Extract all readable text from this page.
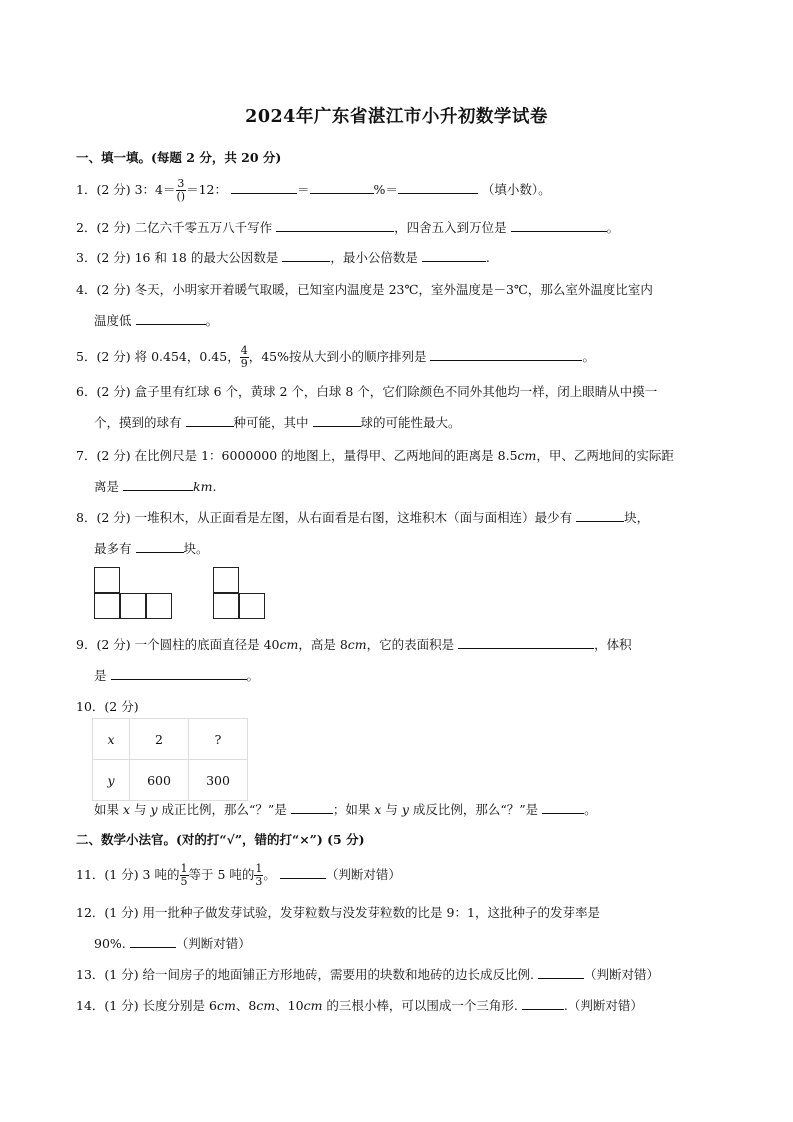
2024年广东省湛江市小升初数学试卷
一、填一填。(每题 2 分，共 20 分)
1．(2 分) 3：$4= \frac{3}{()} =12$：	＝	%＝	（填小数）。
2．(2 分) 二亿六千零五万八千写作	，四舍五入到万位是	。
3．(2 分) 16 和 18 的最大公因数是	，最小公倍数是	.
4．(2 分) 冬天，小明家开着暖气取暖，已知室内温度是 23℃，室外温度是－3℃，那么室外温度比室内
温度低	。
5．(2 分) 将 0.454，0.45， $\frac{4}{9}$ ，45%按从大到小的顺序排列是	。
6．(2 分) 盒子里有红球 6 个，黄球 2 个，白球 8 个，它们除颜色不同外其他均一样，闭上眼睛从中摸一
个，摸到的球有	种可能，其中	球的可能性最大。
7．(2 分) 在比例尺是 1：6000000 的地图上，量得甲、乙两地间的距离是 8.5cm，甲、乙两地间的实际距
离是	km.
8．(2 分) 一堆积木，从正面看是左图，从右面看是右图，这堆积木（面与面相连）最少有	块，
最多有	块。
9．(2 分) 一个圆柱的底面直径是 40cm，高是 8cm，它的表面积是	，体积
是	。
10．(2 分)
x	2	?
y	600	300
如果 x 与 y 成正比例，那么“？”是	；如果 x 与 y 成反比例，那么“？”是	。
二、数学小法官。(对的打“√”，错的打“×”) (5 分)
11．(1 分) 3 吨的 $\frac{1}{5}$ 等于 5 吨的 $\frac{1}{3}$ 。	（判断对错）
12．(1 分) 用一批种子做发芽试验，发芽粒数与没发芽粒数的比是 9：1，这批种子的发芽率是
90%.	（判断对错）
13．(1 分) 给一间房子的地面铺正方形地砖，需要用的块数和地砖的边长成反比例.	（判断对错）
14．(1 分) 长度分别是 6cm、8cm、10cm 的三根小棒，可以围成一个三角形.	.（判断对错）
